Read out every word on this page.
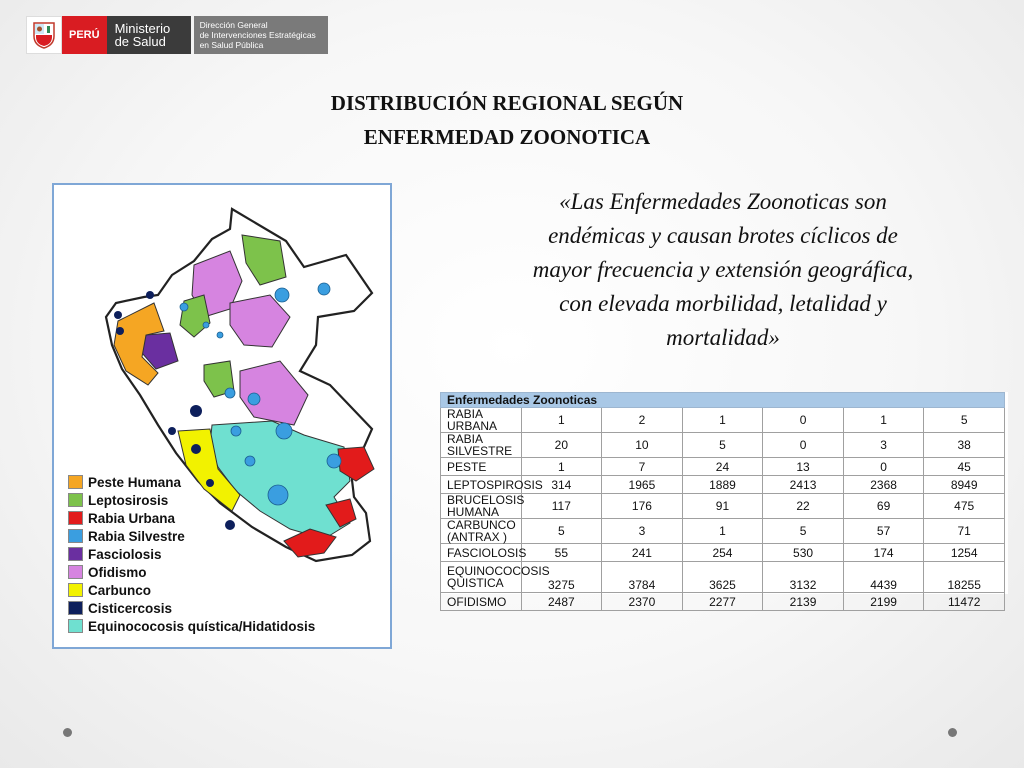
PERÚ	Ministerio
de Salud
Dirección General
de Intervenciones Estratégicas
en Salud Pública
DISTRIBUCIÓN REGIONAL SEGÚN
ENFERMEDAD ZOONOTICA
Peste Humana
Leptosirosis
Rabia Urbana
Rabia Silvestre
Fasciolosis
Ofidismo
Carbunco
Cisticercosis
Equinococosis quística/Hidatidosis
«Las Enfermedades Zoonoticas son
endémicas y causan brotes cíclicos de
mayor frecuencia y extensión geográfica,
con elevada morbilidad, letalidad y
mortalidad»
Enfermedades Zoonoticas						
RABIA URBANA	1	2	1	0	1	5
RABIA SILVESTRE	20	10	5	0	3	38
PESTE	1	7	24	13	0	45
LEPTOSPIROSIS	314	1965	1889	2413	2368	8949
BRUCELOSIS HUMANA	117	176	91	22	69	475
CARBUNCO (ANTRAX )	5	3	1	5	57	71
FASCIOLOSIS	55	241	254	530	174	1254
EQUINOCOCOSIS QUISTICA	3275	3784	3625	3132	4439	18255
OFIDISMO	2487	2370	2277	2139	2199	11472
